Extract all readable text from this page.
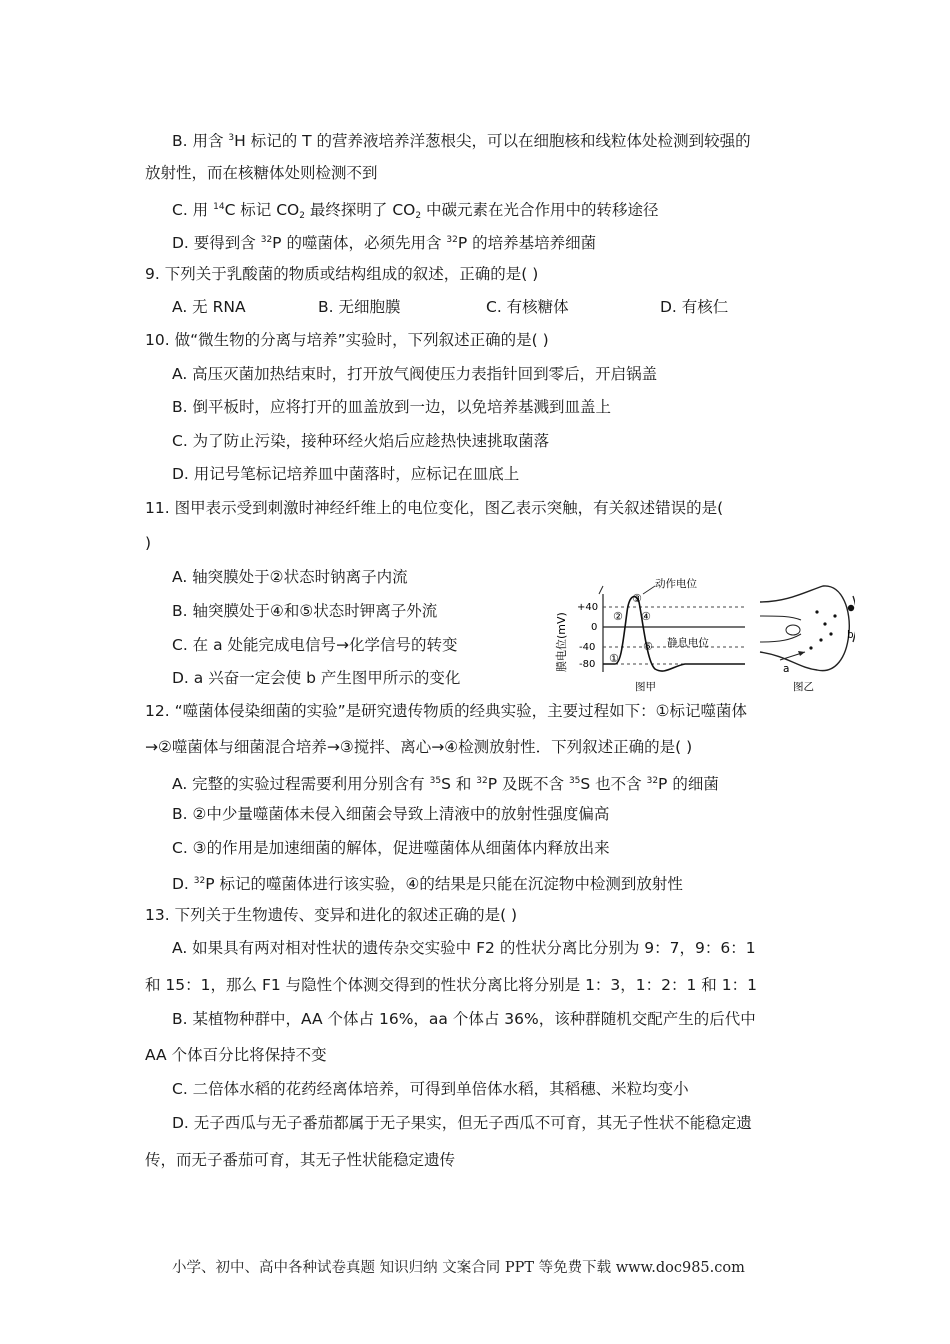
B. 用含 $^3$H 标记的 T 的营养液培养洋葱根尖，可以在细胞核和线粒体处检测到较强的
放射性，而在核糖体处则检测不到
C. 用 $^{14}$C 标记 $CO_2$ 最终探明了 $CO_2$ 中碳元素在光合作用中的转移途径
D. 要得到含 $^{32}$P 的噬菌体，必须先用含 $^{32}$P 的培养基培养细菌
9. 下列关于乳酸菌的物质或结构组成的叙述，正确的是( )
A. 无 RNA	B. 无细胞膜	C. 有核糖体	D. 有核仁
10. 做“微生物的分离与培养”实验时，下列叙述正确的是( )
A. 高压灭菌加热结束时，打开放气阀使压力表指针回到零后，开启锅盖
B. 倒平板时，应将打开的皿盖放到一边，以免培养基溅到皿盖上
C. 为了防止污染，接种环经火焰后应趁热快速挑取菌落
D. 用记号笔标记培养皿中菌落时，应标记在皿底上
11. 图甲表示受到刺激时神经纤维上的电位变化，图乙表示突触，有关叙述错误的是(
)
A. 轴突膜处于②状态时钠离子内流
B. 轴突膜处于④和⑤状态时钾离子外流
C. 在 a 处能完成电信号→化学信号的转变
D. a 兴奋一定会使 b 产生图甲所示的变化
膜电位(mV)
+40
0
-40
-80 ①
②
③
④
⑤
动作电位
静息电位
图甲
b
a
图乙
12. “噬菌体侵染细菌的实验”是研究遗传物质的经典实验，主要过程如下：①标记噬菌体
→②噬菌体与细菌混合培养→③搅拌、离心→④检测放射性．下列叙述正确的是( )
A. 完整的实验过程需要利用分别含有 $^{35}$S 和 $^{32}$P 及既不含 $^{35}$S 也不含 $^{32}$P 的细菌
B. ②中少量噬菌体未侵入细菌会导致上清液中的放射性强度偏高
C. ③的作用是加速细菌的解体，促进噬菌体从细菌体内释放出来
D. $^{32}$P 标记的噬菌体进行该实验，④的结果是只能在沉淀物中检测到放射性
13. 下列关于生物遗传、变异和进化的叙述正确的是( )
A. 如果具有两对相对性状的遗传杂交实验中 F2 的性状分离比分别为 9：7，9：6：1
和 15：1，那么 F1 与隐性个体测交得到的性状分离比将分别是 1：3，1：2：1 和 1：1
B. 某植物种群中，AA 个体占 16%，aa 个体占 36%，该种群随机交配产生的后代中
AA 个体百分比将保持不变
C. 二倍体水稻的花药经离体培养，可得到单倍体水稻，其稻穗、米粒均变小
D. 无子西瓜与无子番茄都属于无子果实，但无子西瓜不可育，其无子性状不能稳定遗
传，而无子番茄可育，其无子性状能稳定遗传
小学、初中、高中各种试卷真题 知识归纳 文案合同 PPT 等免费下载 www.doc985.com
